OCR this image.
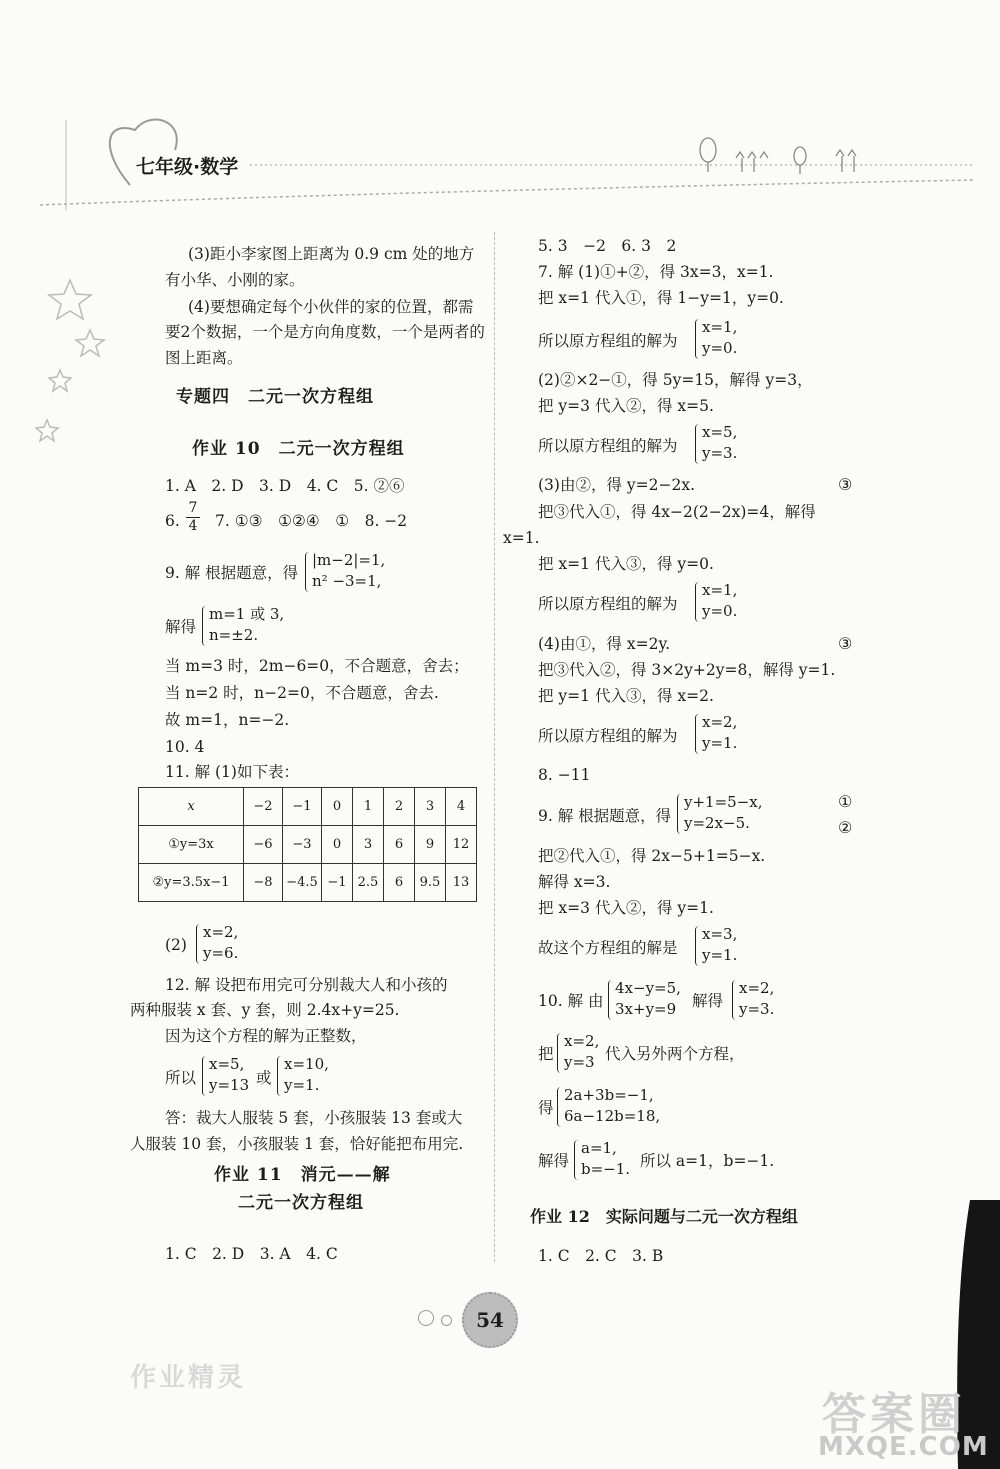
七年级·数学
(3)距小李家图上距离为 0.9 cm 处的地方
有小华、小刚的家。
(4)要想确定每个小伙伴的家的位置，都需
要2个数据，一个是方向角度数，一个是两者的
图上距离。
专题四　二元一次方程组
作业 10　二元一次方程组
1. A　2. D　3. D　4. C　5. ②⑥
6. $\frac{7}{4} 7$. ①③　①②④　①　8. −2
9. 解 根据题意，得
|m−2|=1,
n² −3=1,
解得
m=1 或 3,
n=±2.
当 m=3 时，2m−6=0，不合题意，舍去；
当 n=2 时，n−2=0，不合题意，舍去.
故 m=1，n=−2.
10. 4
11. 解 (1)如下表：
x	−2	−1	0	1	2	3	4
①y=3x	−6	−3	0	3	6	9	12
②y=3.5x−1	−8	−4.5	−1	2.5	6	9.5	13
(2)
x=2,
y=6.
12. 解 设把布用完可分别裁大人和小孩的
两种服装 x 套、y 套，则 2.4x+y=25.
因为这个方程的解为正整数，
所以
x=5,
y=13 或
x=10,
y=1.
答：裁大人服装 5 套，小孩服装 13 套或大
人服装 10 套，小孩服装 1 套，恰好能把布用完.
作业 11　消元——解
二元一次方程组
1. C　2. D　3. A　4. C
5. 3　−2　6. 3　2
7. 解 (1)①+②，得 3x=3，x=1.
把 x=1 代入①，得 1−y=1，y=0.
所以原方程组的解为
x=1,
y=0.
(2)②×2−①，得 5y=15，解得 y=3，
把 y=3 代入②，得 x=5.
所以原方程组的解为
x=5,
y=3.
(3)由②，得 y=2−2x.	③
把③代入①，得 4x−2(2−2x)=4，解得
x=1.
把 x=1 代入③，得 y=0.
所以原方程组的解为
x=1,
y=0.
(4)由①，得 x=2y.	③
把③代入②，得 3×2y+2y=8，解得 y=1.
把 y=1 代入③，得 x=2.
所以原方程组的解为
x=2,
y=1.
8. −11
9. 解 根据题意，得
y+1=5−x,
y=2x−5.
①
②
把②代入①，得 2x−5+1=5−x.
解得 x=3.
把 x=3 代入②，得 y=1.
故这个方程组的解是
x=3,
y=1.
10. 解 由
4x−y=5,
3x+y=9 解得
x=2,
y=3.
把
x=2,
y=3 代入另外两个方程，
得
2a+3b=−1,
6a−12b=18,
解得
a=1,
b=−1. 所以 a=1，b=−1.
作业 12　实际问题与二元一次方程组
1. C　2. C　3. B

54
作业精灵
答案圈
MXQE.COM
